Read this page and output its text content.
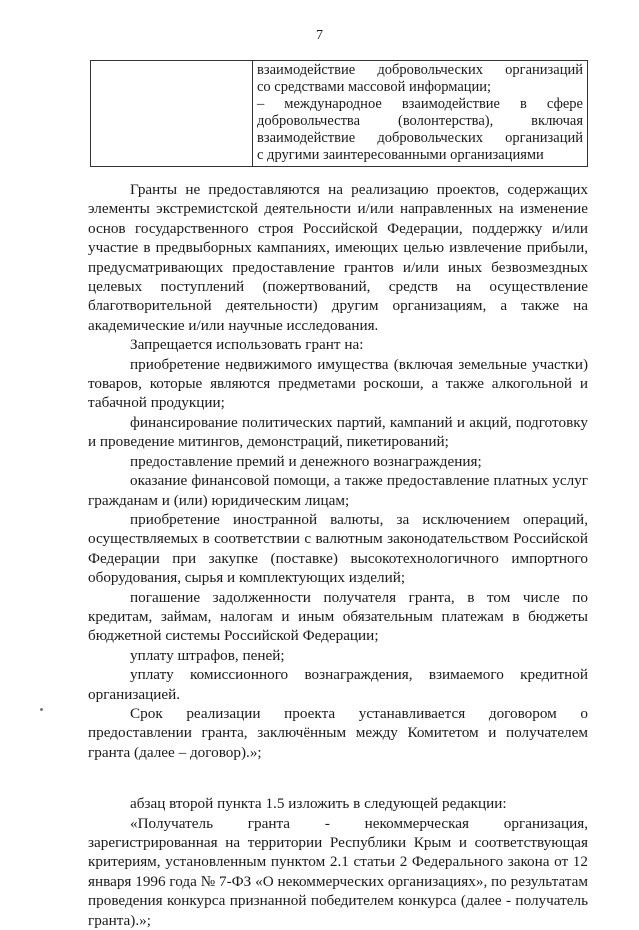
7

взаимодействие добровольческих организаций
со средствами массовой информации;
– международное взаимодействие в сфере
добровольчества (волонтерства), включая
взаимодействие добровольческих организаций
с другими заинтересованными организациями

Гранты не предоставляются на реализацию проектов, содержащих элементы экстремистской деятельности и/или направленных на изменение основ государственного строя Российской Федерации, поддержку и/или участие в предвыборных кампаниях, имеющих целью извлечение прибыли, предусматривающих предоставление грантов и/или иных безвозмездных целевых поступлений (пожертвований, средств на осуществление благотворительной деятельности) другим организациям, а также на академические и/или научные исследования.

Запрещается использовать грант на:

приобретение недвижимого имущества (включая земельные участки) товаров, которые являются предметами роскоши, а также алкогольной и табачной продукции;

финансирование политических партий, кампаний и акций, подготовку и проведение митингов, демонстраций, пикетирований;

предоставление премий и денежного вознаграждения;

оказание финансовой помощи, а также предоставление платных услуг гражданам и (или) юридическим лицам;

приобретение иностранной валюты, за исключением операций, осуществляемых в соответствии с валютным законодательством Российской Федерации при закупке (поставке) высокотехнологичного импортного оборудования, сырья и комплектующих изделий;

погашение задолженности получателя гранта, в том числе по кредитам, займам, налогам и иным обязательным платежам в бюджеты бюджетной системы Российской Федерации;

уплату штрафов, пеней;

уплату комиссионного вознаграждения, взимаемого кредитной организацией.

Срок реализации проекта устанавливается договором о предоставлении гранта, заключённым между Комитетом и получателем гранта (далее – договор).»;

абзац второй пункта 1.5 изложить в следующей редакции:

«Получатель гранта - некоммерческая организация, зарегистрированная на территории Республики Крым и соответствующая критериям, установленным пунктом 2.1 статьи 2 Федерального закона от 12 января 1996 года № 7-ФЗ «О некоммерческих организациях», по результатам проведения конкурса признанной победителем конкурса (далее - получатель гранта).»;
